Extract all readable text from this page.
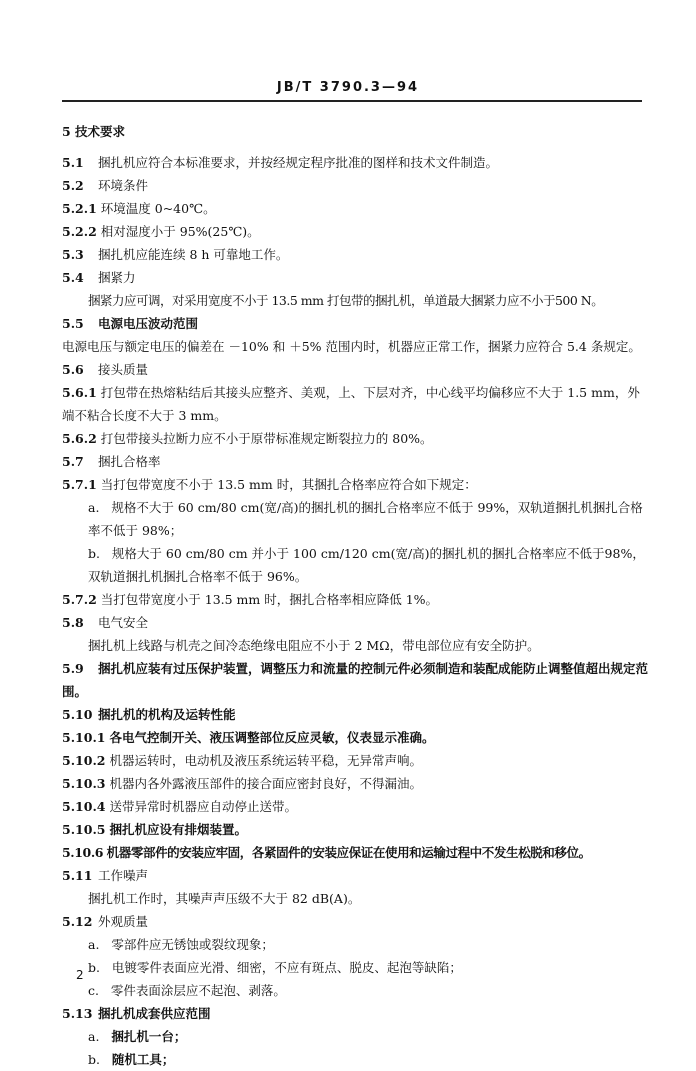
JB/T 3790.3—94
5 技术要求

5.1 捆扎机应符合本标准要求，并按经规定程序批准的图样和技术文件制造。

5.2 环境条件

5.2.1 环境温度 0~40℃。

5.2.2 相对湿度小于 95%(25℃)。

5.3 捆扎机应能连续 8 h 可靠地工作。

5.4 捆紧力

捆紧力应可调，对采用宽度不小于 13.5 mm 打包带的捆扎机，单道最大捆紧力应不小于500 N。

5.5 电源电压波动范围

电源电压与额定电压的偏差在 －10% 和 ＋5% 范围内时，机器应正常工作，捆紧力应符合 5.4 条规定。

5.6 接头质量

5.6.1 打包带在热熔粘结后其接头应整齐、美观，上、下层对齐，中心线平均偏移应不大于 1.5 mm，外端不粘合长度不大于 3 mm。

5.6.2 打包带接头拉断力应不小于原带标准规定断裂拉力的 80%。

5.7 捆扎合格率

5.7.1 当打包带宽度不小于 13.5 mm 时，其捆扎合格率应符合如下规定：

a. 规格不大于 60 cm/80 cm(宽/高)的捆扎机的捆扎合格率应不低于 99%，双轨道捆扎机捆扎合格率不低于 98%；

b. 规格大于 60 cm/80 cm 并小于 100 cm/120 cm(宽/高)的捆扎机的捆扎合格率应不低于98%，双轨道捆扎机捆扎合格率不低于 96%。

5.7.2 当打包带宽度小于 13.5 mm 时，捆扎合格率相应降低 1%。

5.8 电气安全

捆扎机上线路与机壳之间冷态绝缘电阻应不小于 2 MΩ，带电部位应有安全防护。

5.9 捆扎机应装有过压保护装置，调整压力和流量的控制元件必须制造和装配成能防止调整值超出规定范围。

5.10 捆扎机的机构及运转性能

5.10.1 各电气控制开关、液压调整部位反应灵敏，仪表显示准确。

5.10.2 机器运转时，电动机及液压系统运转平稳，无异常声响。

5.10.3 机器内各外露液压部件的接合面应密封良好，不得漏油。

5.10.4 送带异常时机器应自动停止送带。

5.10.5 捆扎机应设有排烟装置。

5.10.6 机器零部件的安装应牢固，各紧固件的安装应保证在使用和运输过程中不发生松脱和移位。

5.11 工作噪声

捆扎机工作时，其噪声声压级不大于 82 dB(A)。

5.12 外观质量

a. 零部件应无锈蚀或裂纹现象；

b. 电镀零件表面应光滑、细密，不应有斑点、脱皮、起泡等缺陷；

c. 零件表面涂层应不起泡、剥落。

5.13 捆扎机成套供应范围

a. 捆扎机一台；

b. 随机工具；

2
